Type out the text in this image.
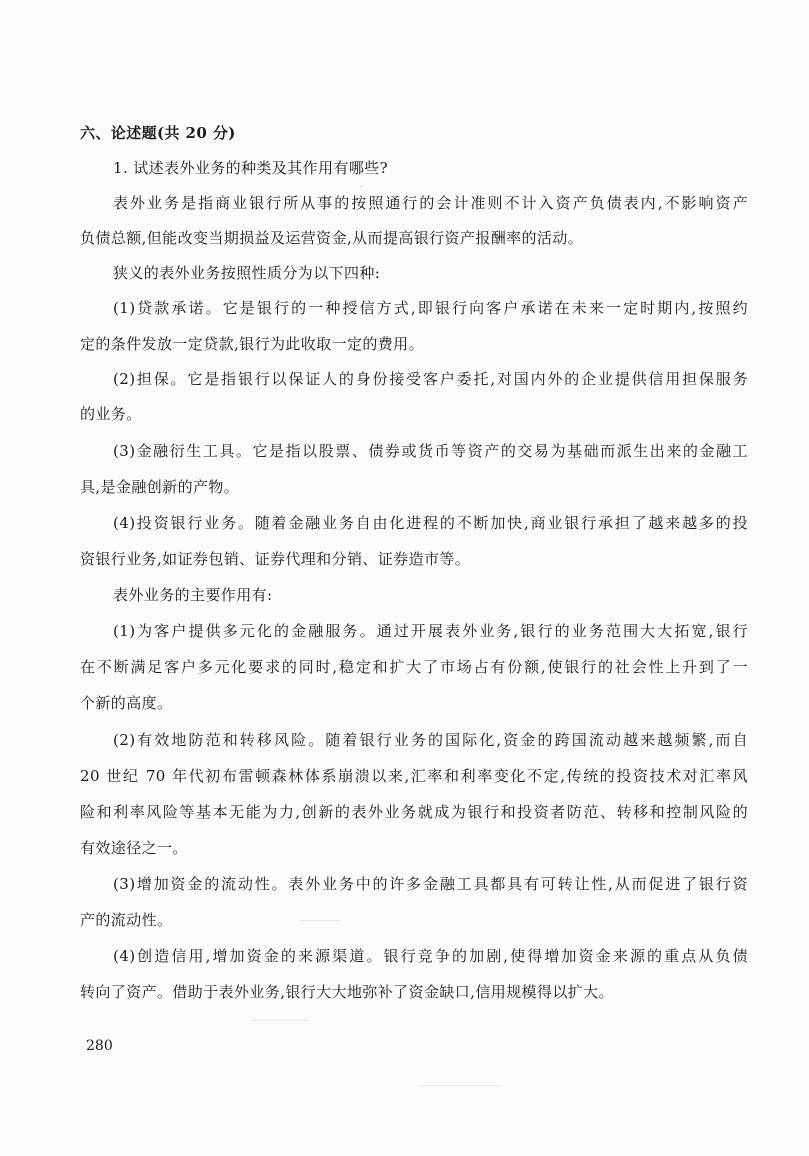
六、论述题(共 20 分)
1. 试述表外业务的种类及其作用有哪些?
表外业务是指商业银行所从事的按照通行的会计准则不计入资产负债表内,不影响资产
负债总额,但能改变当期损益及运营资金,从而提高银行资产报酬率的活动。
狭义的表外业务按照性质分为以下四种:
(1)贷款承诺。它是银行的一种授信方式,即银行向客户承诺在未来一定时期内,按照约
定的条件发放一定贷款,银行为此收取一定的费用。
(2)担保。它是指银行以保证人的身份接受客户委托,对国内外的企业提供信用担保服务
的业务。
(3)金融衍生工具。它是指以股票、债券或货币等资产的交易为基础而派生出来的金融工
具,是金融创新的产物。
(4)投资银行业务。随着金融业务自由化进程的不断加快,商业银行承担了越来越多的投
资银行业务,如证券包销、证券代理和分销、证券造市等。
表外业务的主要作用有:
(1)为客户提供多元化的金融服务。通过开展表外业务,银行的业务范围大大拓宽,银行
在不断满足客户多元化要求的同时,稳定和扩大了市场占有份额,使银行的社会性上升到了一
个新的高度。
(2)有效地防范和转移风险。随着银行业务的国际化,资金的跨国流动越来越频繁,而自
20 世纪 70 年代初布雷顿森林体系崩溃以来,汇率和利率变化不定,传统的投资技术对汇率风
险和利率风险等基本无能为力,创新的表外业务就成为银行和投资者防范、转移和控制风险的
有效途径之一。
(3)增加资金的流动性。表外业务中的许多金融工具都具有可转让性,从而促进了银行资
产的流动性。
(4)创造信用,增加资金的来源渠道。银行竞争的加剧,使得增加资金来源的重点从负债
转向了资产。借助于表外业务,银行大大地弥补了资金缺口,信用规模得以扩大。
280
